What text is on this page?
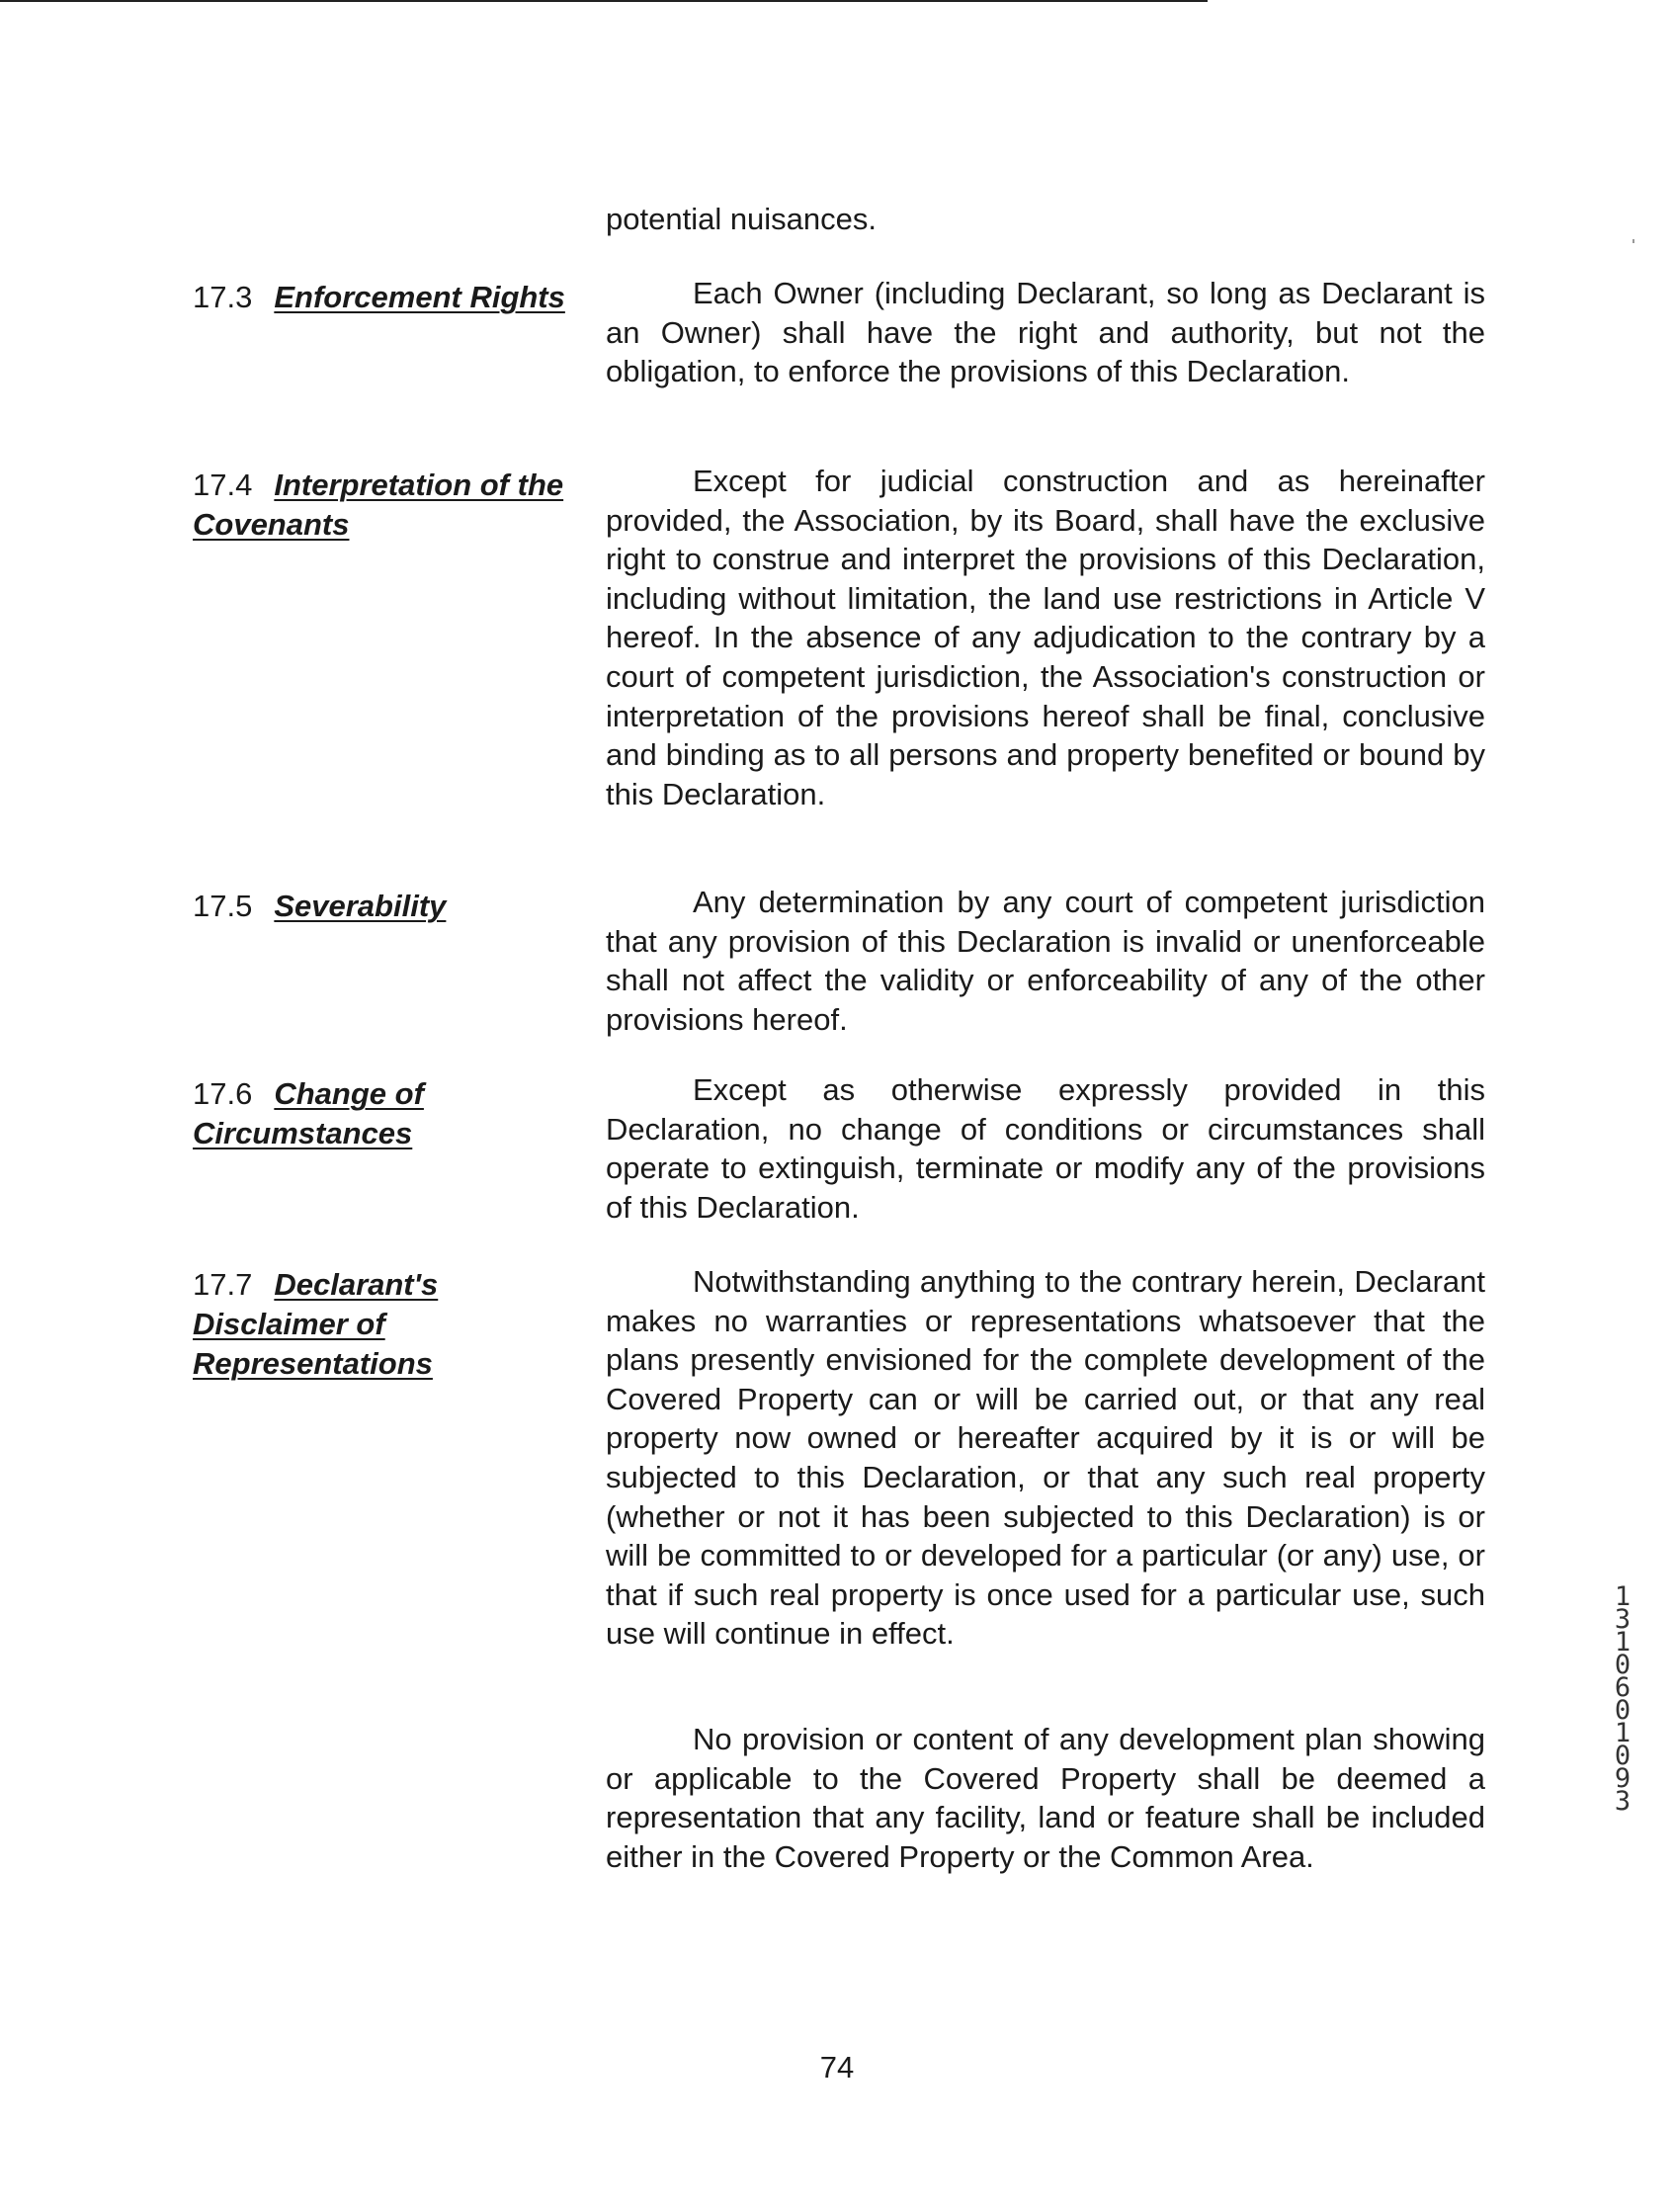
potential nuisances.

17.3 Enforcement Rights	Each Owner (including Declarant, so long as Declarant is an Owner) shall have the right and authority, but not the obligation, to enforce the provisions of this Declaration.

17.4 Interpretation of the Covenants

Except for judicial construction and as hereinafter provided, the Association, by its Board, shall have the exclusive right to construe and interpret the provisions of this Declaration, including without limitation, the land use restrictions in Article V hereof. In the absence of any adjudication to the contrary by a court of competent jurisdiction, the Association's construction or interpretation of the provisions hereof shall be final, conclusive and binding as to all persons and property benefited or bound by this Declaration.

17.5 Severability	Any determination by any court of competent jurisdiction that any provision of this Declaration is invalid or unenforceable shall not affect the validity or enforceability of any of the other provisions hereof.

17.6 Change of Circumstances

Except as otherwise expressly provided in this Declaration, no change of conditions or circumstances shall operate to extinguish, terminate or modify any of the provisions of this Declaration.

17.7 Declarant's Disclaimer of Representations

Notwithstanding anything to the contrary herein, Declarant makes no warranties or representations whatsoever that the plans presently envisioned for the complete development of the Covered Property can or will be carried out, or that any real property now owned or hereafter acquired by it is or will be subjected to this Declaration, or that any such real property (whether or not it has been subjected to this Declaration) is or will be committed to or developed for a particular (or any) use, or that if such real property is once used for a particular use, such use will continue in effect.

No provision or content of any development plan showing or applicable to the Covered Property shall be deemed a representation that any facility, land or feature shall be included either in the Covered Property or the Common Area.

74

1310601093
